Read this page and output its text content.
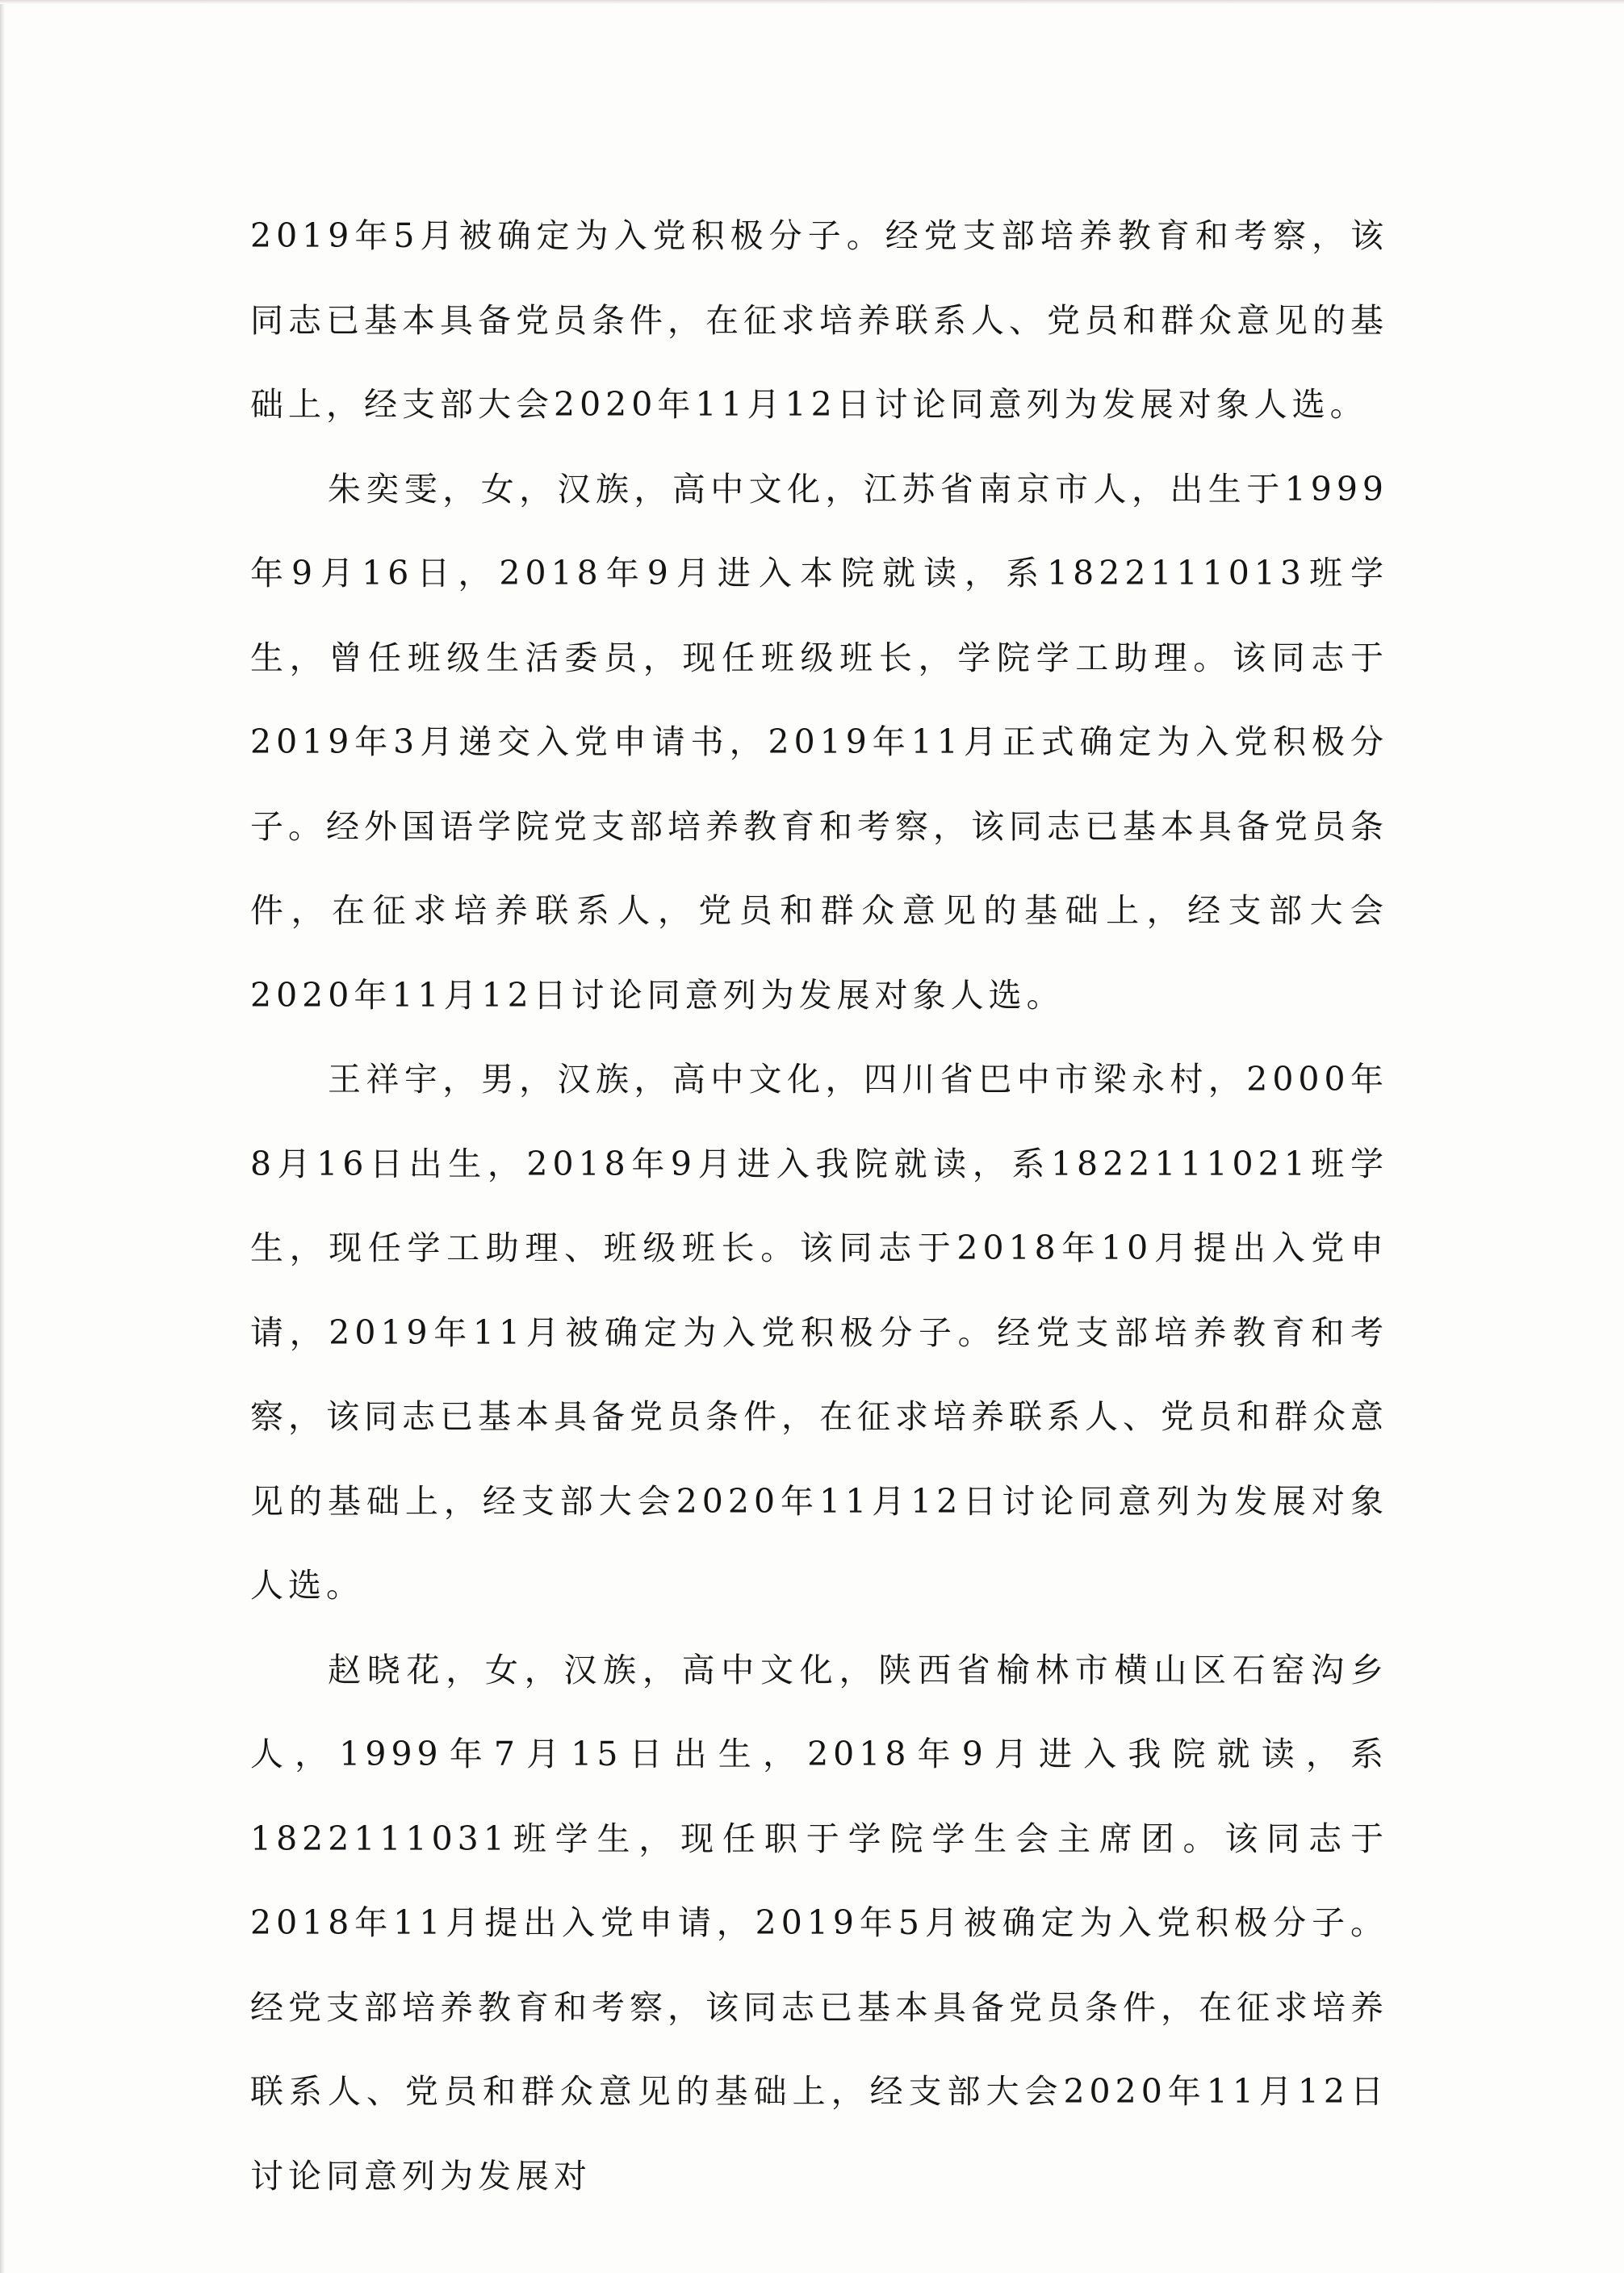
2019年5月被确定为入党积极分子。经党支部培养教育和考察，该同志已基本具备党员条件，在征求培养联系人、党员和群众意见的基础上，经支部大会2020年11月12日讨论同意列为发展对象人选。

朱奕雯，女，汉族，高中文化，江苏省南京市人，出生于1999年9月16日，2018年9月进入本院就读，系1822111013班学生，曾任班级生活委员，现任班级班长，学院学工助理。该同志于2019年3月递交入党申请书，2019年11月正式确定为入党积极分子。经外国语学院党支部培养教育和考察，该同志已基本具备党员条件，在征求培养联系人，党员和群众意见的基础上，经支部大会2020年11月12日讨论同意列为发展对象人选。

王祥宇，男，汉族，高中文化，四川省巴中市梁永村，2000年8月16日出生，2018年9月进入我院就读，系1822111021班学生，现任学工助理、班级班长。该同志于2018年10月提出入党申请，2019年11月被确定为入党积极分子。经党支部培养教育和考察，该同志已基本具备党员条件，在征求培养联系人、党员和群众意见的基础上，经支部大会2020年11月12日讨论同意列为发展对象人选。

赵晓花，女，汉族，高中文化，陕西省榆林市横山区石窑沟乡人，1999年7月15日出生，2018年9月进入我院就读，系1822111031班学生，现任职于学院学生会主席团。该同志于2018年11月提出入党申请，2019年5月被确定为入党积极分子。经党支部培养教育和考察，该同志已基本具备党员条件，在征求培养联系人、党员和群众意见的基础上，经支部大会2020年11月12日讨论同意列为发展对
